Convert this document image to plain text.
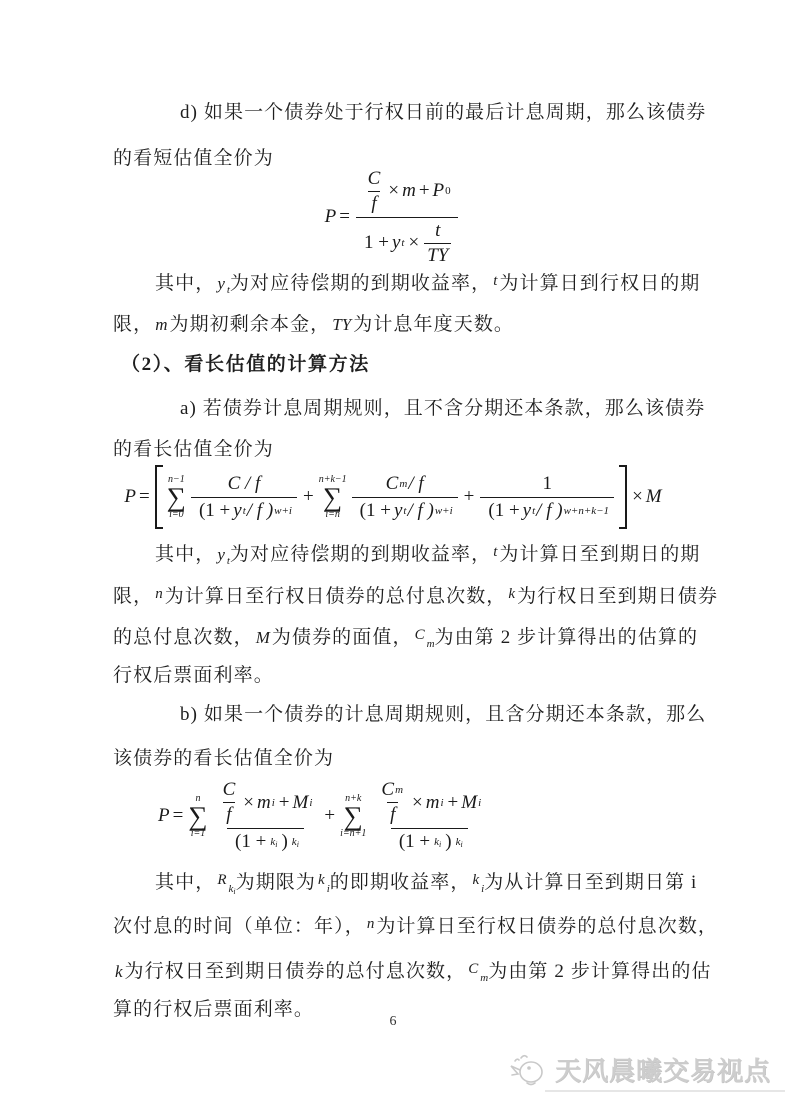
d) 如果一个债券处于行权日前的最后计息周期，那么该债券
的看短估值全价为
P =
$\frac{C}{f} \times m + P$ 0
1 + y $t \times \frac{t}{TY}$
其中， y $_t$为对应待偿期的到期收益率， $^t$ 为计算日到行权日的期
限， m 为期初剩余本金， TY 为计息年度天数。
（2）、看长估值的计算方法
a) 若债券计息周期规则，且不含分期还本条款，那么该债券
的看长估值全价为
P =
n−1
∑
$i=0 \frac{C / f}{\text{(1 + y t / f ) w+i}}$ +
n+k−1
∑
$i=n \frac{\text{C m / f}}{\text{(1 + y t / f ) w+i}} + \frac{1}{\text{(1 + y t / f ) w+n+k−1}} \times M$
其中， y $_t$为对应待偿期的到期收益率， $^t$ 为计算日至到期日的期
限， $^n$ 为计算日至行权日债券的总付息次数， $^k$ 为行权日至到期日债券
的总付息次数， M 为债券的面值， $^C_m$为由第 2 步计算得出的估算的
行权后票面利率。
b) 如果一个债券的计息周期规则，且含分期还本条款，那么
该债券的看长估值全价为
P =
n
∑
i=1
$\frac{C}{f} \times m$ i + M i
(1 + ki ) ki
+
n+k
∑
i=n+1
$\frac{\text{C m}}{f} \times m$ i + M i
(1 + ki ) ki
其中， $^R_{ki}$为期限为 $^k_i$的即期收益率， $^k_i$为从计算日至到期日第 i
次付息的时间（单位：年）， $^n$ 为计算日至行权日债券的总付息次数，
k 为行权日至到期日债券的总付息次数， $^C_m$为由第 2 步计算得出的估
算的行权后票面利率。
6
天风晨曦交易视点
